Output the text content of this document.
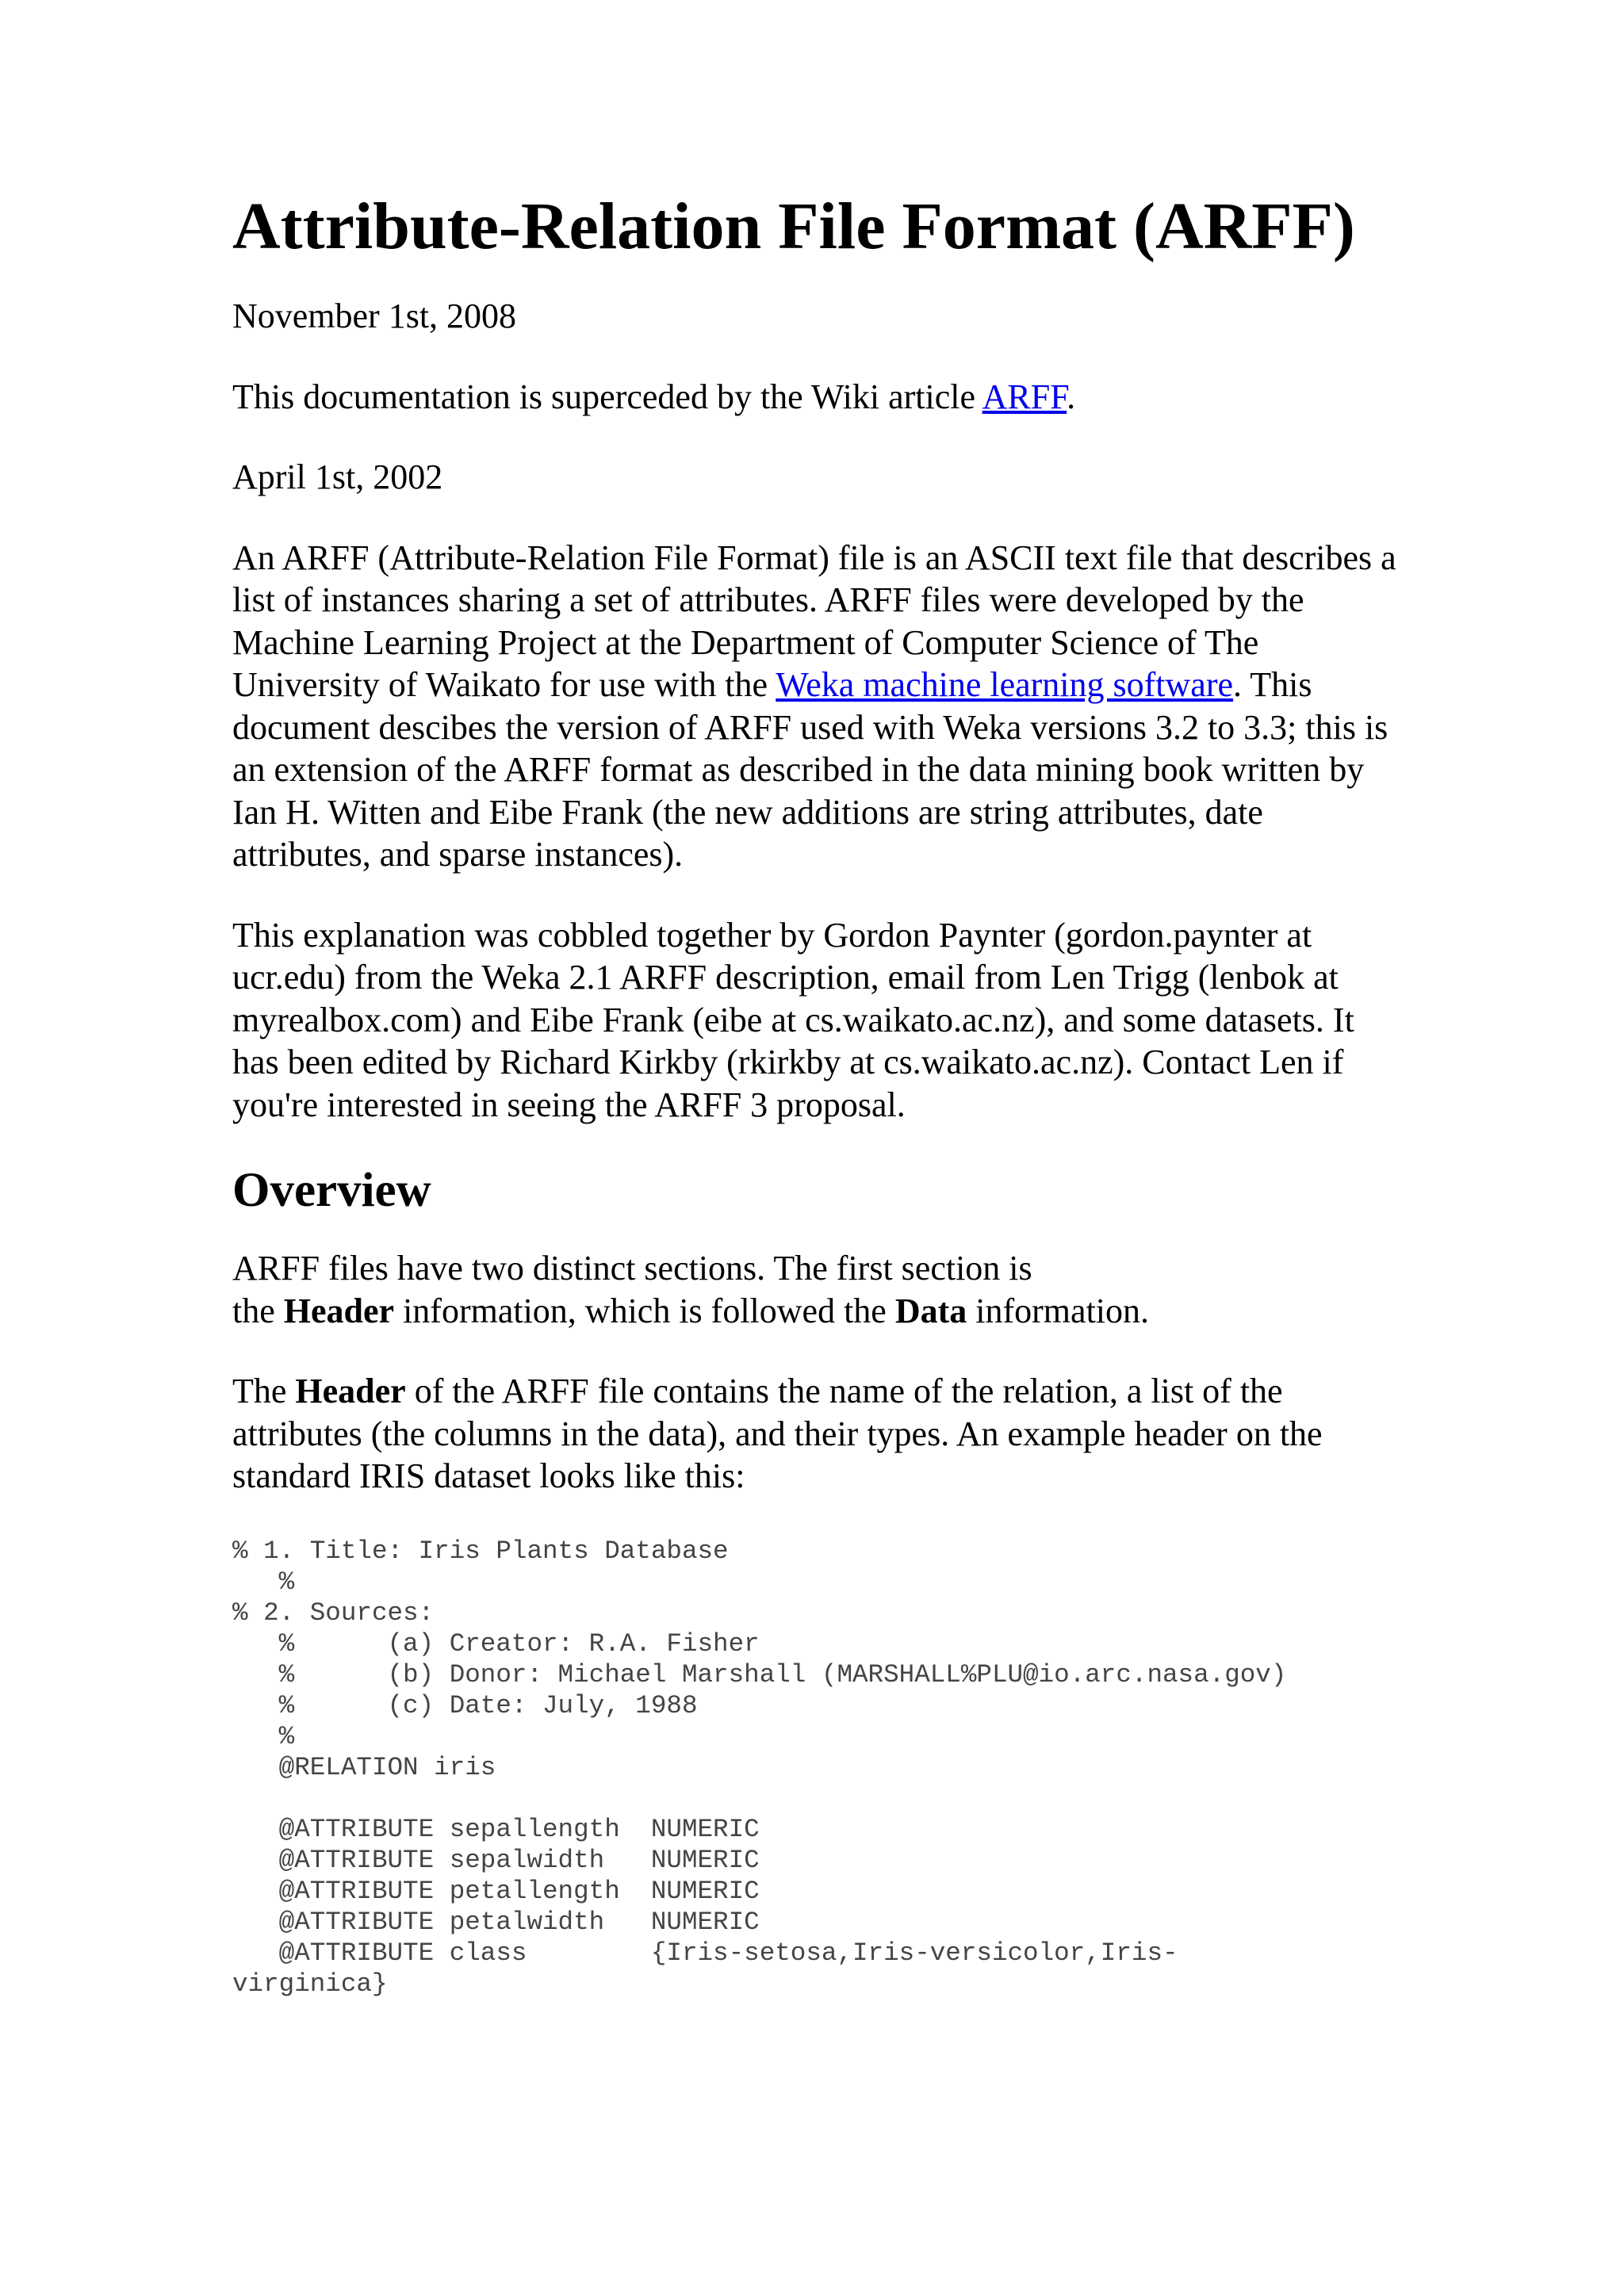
Attribute-Relation File Format (ARFF)

November 1st, 2008

This documentation is superceded by the Wiki article ARFF.

April 1st, 2002

An ARFF (Attribute-Relation File Format) file is an ASCII text file that describes a list of instances sharing a set of attributes. ARFF files were developed by the Machine Learning Project at the Department of Computer Science of The University of Waikato for use with the Weka machine learning software. This document descibes the version of ARFF used with Weka versions 3.2 to 3.3; this is an extension of the ARFF format as described in the data mining book written by Ian H. Witten and Eibe Frank (the new additions are string attributes, date attributes, and sparse instances).

This explanation was cobbled together by Gordon Paynter (gordon.paynter at ucr.edu) from the Weka 2.1 ARFF description, email from Len Trigg (lenbok at myrealbox.com) and Eibe Frank (eibe at cs.waikato.ac.nz), and some datasets. It has been edited by Richard Kirkby (rkirkby at cs.waikato.ac.nz). Contact Len if you're interested in seeing the ARFF 3 proposal.

Overview

ARFF files have two distinct sections. The first section is
the Header information, which is followed the Data information.

The Header of the ARFF file contains the name of the relation, a list of the attributes (the columns in the data), and their types. An example header on the standard IRIS dataset looks like this:

% 1. Title: Iris Plants Database
%
% 2. Sources:
%      (a) Creator: R.A. Fisher
%      (b) Donor: Michael Marshall (MARSHALL%PLU@io.arc.nasa.gov)
%      (c) Date: July, 1988
%
@RELATION iris

@ATTRIBUTE sepallength  NUMERIC
@ATTRIBUTE sepalwidth   NUMERIC
@ATTRIBUTE petallength  NUMERIC
@ATTRIBUTE petalwidth   NUMERIC
@ATTRIBUTE class        {Iris-setosa,Iris-versicolor,Iris-
virginica}
